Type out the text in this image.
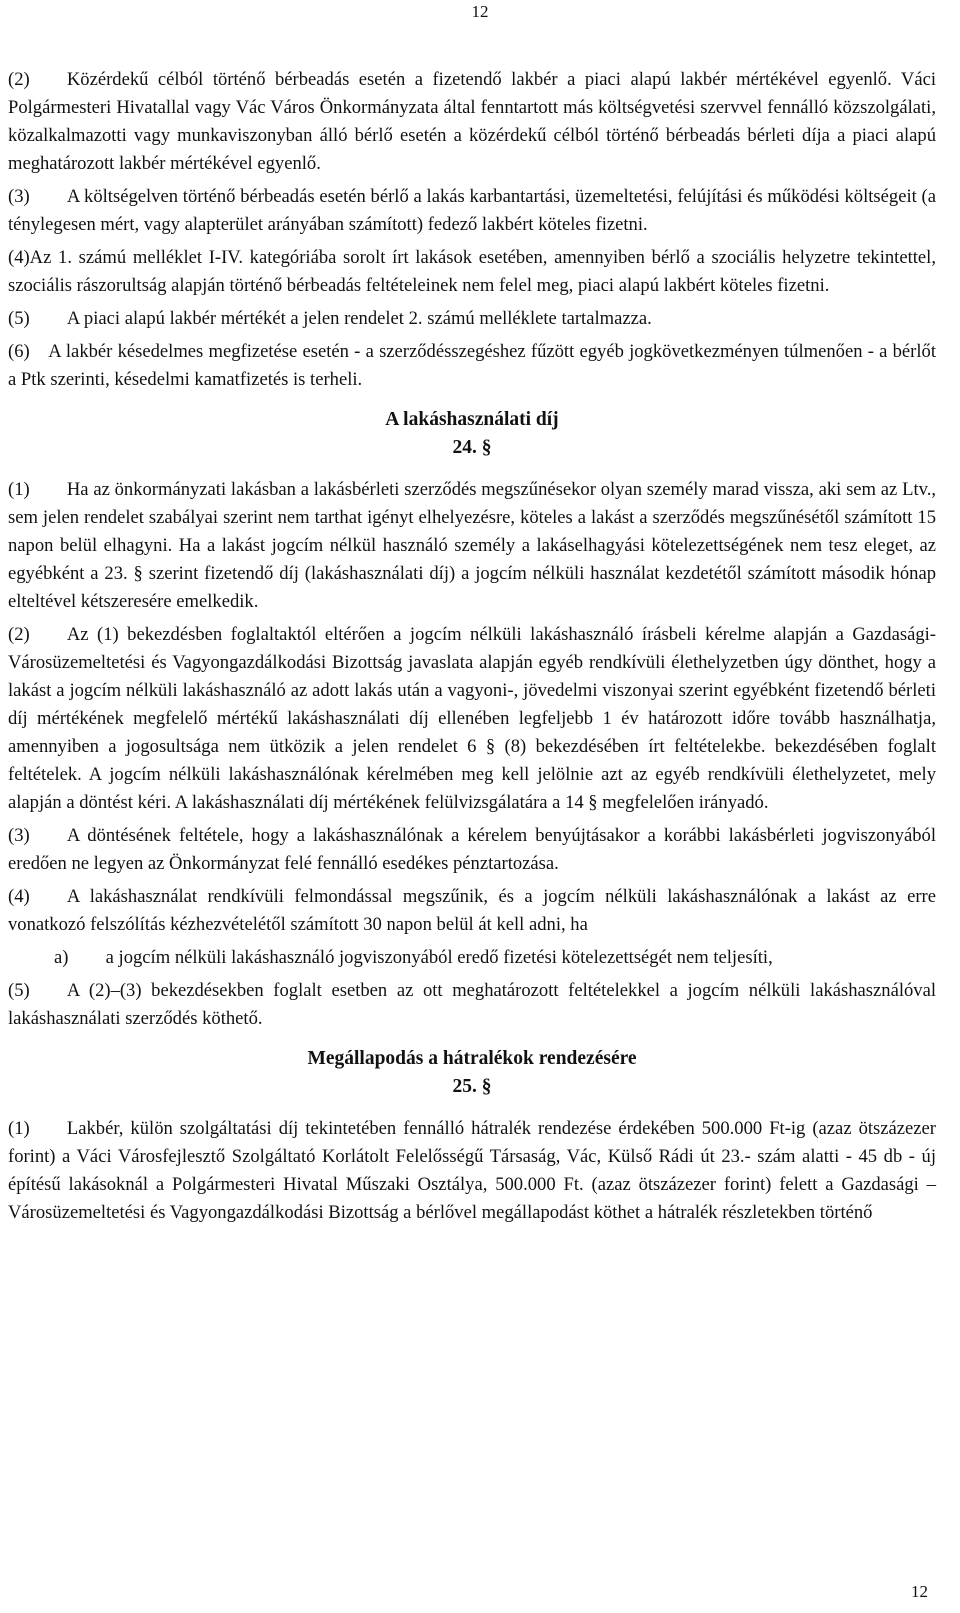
12

(2)  Közérdekű célból történő bérbeadás esetén a fizetendő lakbér a piaci alapú lakbér mértékével egyenlő. Váci Polgármesteri Hivatallal vagy Vác Város Önkormányzata által fenntartott más költségvetési szervvel fennálló közszolgálati, közalkalmazotti vagy munkaviszonyban álló bérlő esetén a közérdekű célból történő bérbeadás bérleti díja a piaci alapú meghatározott lakbér mértékével egyenlő.

(3)  A költségelven történő bérbeadás esetén bérlő a lakás karbantartási, üzemeltetési, felújítási és működési költségeit (a ténylegesen mért, vagy alapterület arányában számított) fedező lakbért köteles fizetni.

(4)Az 1. számú melléklet I-IV. kategóriába sorolt írt lakások esetében, amennyiben bérlő a szociális helyzetre tekintettel, szociális rászorultság alapján történő bérbeadás feltételeinek nem felel meg, piaci alapú lakbért köteles fizetni.

(5)  A piaci alapú lakbér mértékét a jelen rendelet 2. számú melléklete tartalmazza.

(6) A lakbér késedelmes megfizetése esetén - a szerződésszegéshez fűzött egyéb jogkövetkezményen túlmenően - a bérlőt a Ptk szerinti, késedelmi kamatfizetés is terheli.

A lakáshasználati díj
24. §

(1)  Ha az önkormányzati lakásban a lakásbérleti szerződés megszűnésekor olyan személy marad vissza, aki sem az Ltv., sem jelen rendelet szabályai szerint nem tarthat igényt elhelyezésre, köteles a lakást a szerződés megszűnésétől számított 15 napon belül elhagyni. Ha a lakást jogcím nélkül használó személy a lakáselhagyási kötelezettségének nem tesz eleget, az egyébként a 23. § szerint fizetendő díj (lakáshasználati díj) a jogcím nélküli használat kezdetétől számított második hónap elteltével kétszeresére emelkedik.

(2)  Az (1) bekezdésben foglaltaktól eltérően a jogcím nélküli lakáshasználó írásbeli kérelme alapján a Gazdasági-Városüzemeltetési és Vagyongazdálkodási Bizottság javaslata alapján egyéb rendkívüli élethelyzetben úgy dönthet, hogy a lakást a jogcím nélküli lakáshasználó az adott lakás után a vagyoni-, jövedelmi viszonyai szerint egyébként fizetendő bérleti díj mértékének megfelelő mértékű lakáshasználati díj ellenében legfeljebb 1 év határozott időre tovább használhatja, amennyiben a jogosultsága nem ütközik a jelen rendelet 6 § (8) bekezdésében írt feltételekbe. bekezdésében foglalt feltételek. A jogcím nélküli lakáshasználónak kérelmében meg kell jelölnie azt az egyéb rendkívüli élethelyzetet, mely alapján a döntést kéri. A lakáshasználati díj mértékének felülvizsgálatára a 14 § megfelelően irányadó.

(3)  A döntésének feltétele, hogy a lakáshasználónak a kérelem benyújtásakor a korábbi lakásbérleti jogviszonyából eredően ne legyen az Önkormányzat felé fennálló esedékes pénztartozása.

(4)  A lakáshasználat rendkívüli felmondással megszűnik, és a jogcím nélküli lakáshasználónak a lakást az erre vonatkozó felszólítás kézhezvételétől számított 30 napon belül át kell adni, ha

a)  a jogcím nélküli lakáshasználó jogviszonyából eredő fizetési kötelezettségét nem teljesíti,

(5)  A (2)–(3) bekezdésekben foglalt esetben az ott meghatározott feltételekkel a jogcím nélküli lakáshasználóval lakáshasználati szerződés köthető.

Megállapodás a hátralékok rendezésére
25. §

(1)  Lakbér, külön szolgáltatási díj tekintetében fennálló hátralék rendezése érdekében 500.000 Ft-ig (azaz ötszázezer forint) a Váci Városfejlesztő Szolgáltató Korlátolt Felelősségű Társaság, Vác, Külső Rádi út 23.- szám alatti - 45 db - új építésű lakásoknál a Polgármesteri Hivatal Műszaki Osztálya, 500.000 Ft. (azaz ötszázezer forint) felett a Gazdasági –Városüzemeltetési és Vagyongazdálkodási Bizottság a bérlővel megállapodást köthet a hátralék részletekben történő

12
